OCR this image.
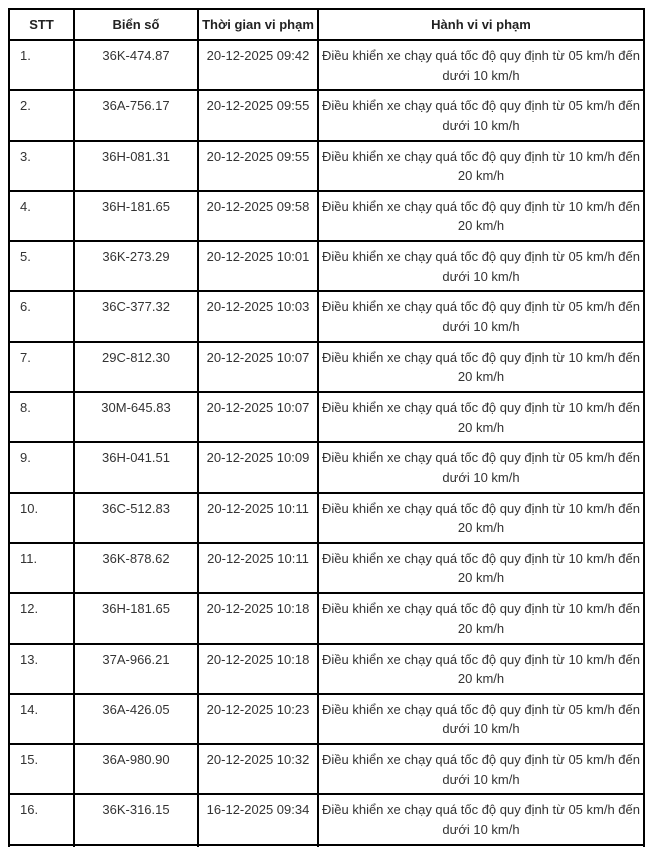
STT	Biển số	Thời gian vi phạm	Hành vi vi phạm
1.	36K-474.87	20-12-2025 09:42	Điều khiển xe chạy quá tốc độ quy định từ 05 km/h đến dưới 10 km/h
2.	36A-756.17	20-12-2025 09:55	Điều khiển xe chạy quá tốc độ quy định từ 05 km/h đến dưới 10 km/h
3.	36H-081.31	20-12-2025 09:55	Điều khiển xe chạy quá tốc độ quy định từ 10 km/h đến 20 km/h
4.	36H-181.65	20-12-2025 09:58	Điều khiển xe chạy quá tốc độ quy định từ 10 km/h đến 20 km/h
5.	36K-273.29	20-12-2025 10:01	Điều khiển xe chạy quá tốc độ quy định từ 05 km/h đến dưới 10 km/h
6.	36C-377.32	20-12-2025 10:03	Điều khiển xe chạy quá tốc độ quy định từ 05 km/h đến dưới 10 km/h
7.	29C-812.30	20-12-2025 10:07	Điều khiển xe chạy quá tốc độ quy định từ 10 km/h đến 20 km/h
8.	30M-645.83	20-12-2025 10:07	Điều khiển xe chạy quá tốc độ quy định từ 10 km/h đến 20 km/h
9.	36H-041.51	20-12-2025 10:09	Điều khiển xe chạy quá tốc độ quy định từ 05 km/h đến dưới 10 km/h
10.	36C-512.83	20-12-2025 10:11	Điều khiển xe chạy quá tốc độ quy định từ 10 km/h đến 20 km/h
11.	36K-878.62	20-12-2025 10:11	Điều khiển xe chạy quá tốc độ quy định từ 10 km/h đến 20 km/h
12.	36H-181.65	20-12-2025 10:18	Điều khiển xe chạy quá tốc độ quy định từ 10 km/h đến 20 km/h
13.	37A-966.21	20-12-2025 10:18	Điều khiển xe chạy quá tốc độ quy định từ 10 km/h đến 20 km/h
14.	36A-426.05	20-12-2025 10:23	Điều khiển xe chạy quá tốc độ quy định từ 05 km/h đến dưới 10 km/h
15.	36A-980.90	20-12-2025 10:32	Điều khiển xe chạy quá tốc độ quy định từ 05 km/h đến dưới 10 km/h
16.	36K-316.15	16-12-2025 09:34	Điều khiển xe chạy quá tốc độ quy định từ 05 km/h đến dưới 10 km/h
